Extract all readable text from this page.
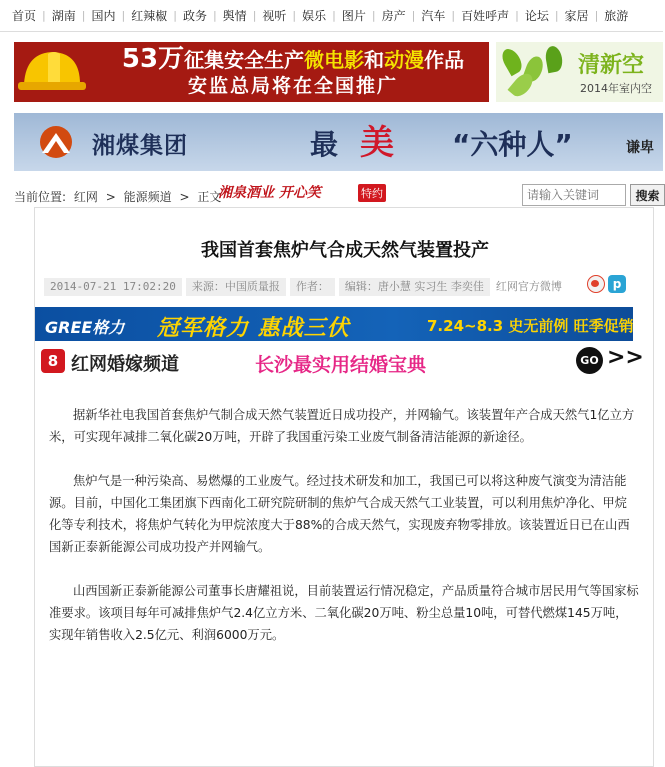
首页 | 湖南 | 国内 | 红辣椒 | 政务 | 舆情 | 视听 | 娱乐 | 图片 | 房产 | 汽车 | 百姓呼声 | 论坛 | 家居 | 旅游
53万征集安全生产微电影和动漫作品
安监总局将在全国推广
清新空
2014年室内空
湘煤集团	最 美 “六种人”	谦卑
当前位置: 红网 > 能源频道 > 正文
湘泉酒业 开心笑	特约
请输入关键词	搜索
我国首套焦炉气合成天然气装置投产
2014-07-21 17:02:20 来源：中国质量报 作者： 编辑：唐小慧 实习生 李奕佳 红网官方微博	p
GREE格力 冠军格力 惠战三伏	7.24~8.3 史无前例 旺季促销
8 红网婚嫁频道	长沙最实用结婚宝典	GO >>

据新华社电我国首套焦炉气制合成天然气装置近日成功投产，并网输气。该装置年产合成天然气1亿立方米，可实现年减排二氧化碳20万吨，开辟了我国重污染工业废气制备清洁能源的新途径。

焦炉气是一种污染高、易燃爆的工业废气。经过技术研发和加工，我国已可以将这种废气演变为清洁能源。目前，中国化工集团旗下西南化工研究院研制的焦炉气合成天然气工业装置，可以利用焦炉净化、甲烷化等专利技术，将焦炉气转化为甲烷浓度大于88%的合成天然气，实现废弃物零排放。该装置近日已在山西国新正泰新能源公司成功投产并网输气。

山西国新正泰新能源公司董事长唐耀祖说，目前装置运行情况稳定，产品质量符合城市居民用气等国家标准要求。该项目每年可减排焦炉气2.4亿立方米、二氧化碳20万吨、粉尘总量10吨，可替代燃煤145万吨，实现年销售收入2.5亿元、利润6000万元。
